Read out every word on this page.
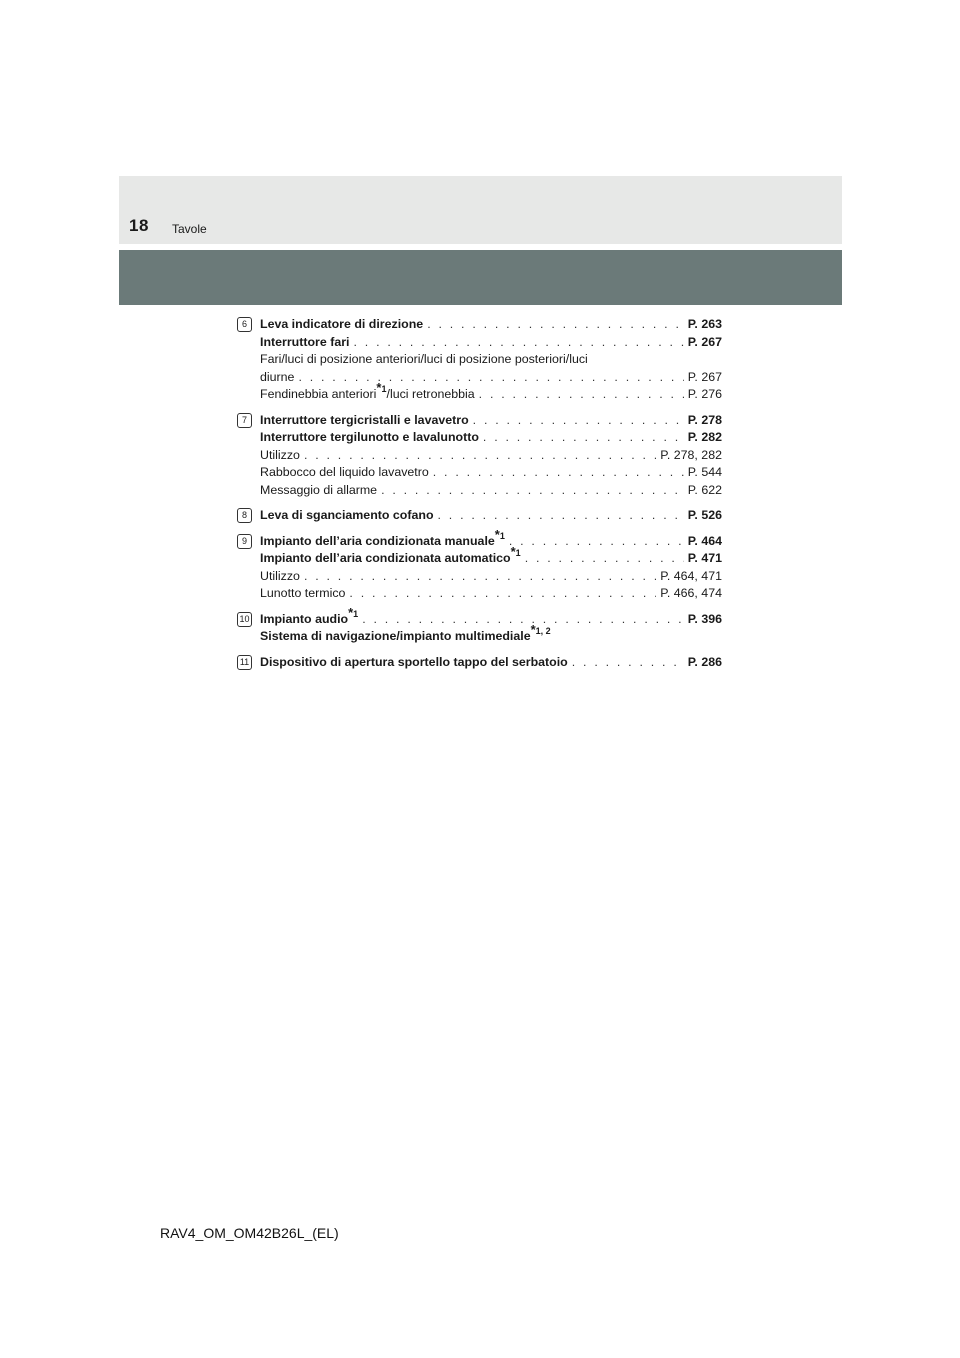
18 Tavole
6	Leva indicatore di direzione . . .	P. 263
Interruttore fari . . .	P. 267
Fari/luci di posizione anteriori/luci di posizione posteriori/luci
diurne . . .	P. 267
Fendinebbia anteriori$^{*1}$/luci retronebbia . . .	P. 276
7	Interruttore tergicristalli e lavavetro . . .	P. 278
Interruttore tergilunotto e lavalunotto . . .	P. 282
Utilizzo . . .	P. 278, 282
Rabbocco del liquido lavavetro . . .	P. 544
Messaggio di allarme . . .	P. 622
8	Leva di sganciamento cofano . . .	P. 526
9	Impianto dell’aria condizionata manuale$^{*1}$ . . .	P. 464
Impianto dell’aria condizionata automatico$^{*1}$ . . .	P. 471
Utilizzo . . .	P. 464, 471
Lunotto termico . . .	P. 466, 474
10 Impianto audio$^{*1}$ . . .	P. 396
Sistema di navigazione/impianto multimediale$^{*1, 2}$
11 Dispositivo di apertura sportello tappo del serbatoio . . .	P. 286
RAV4_OM_OM42B26L_(EL)
